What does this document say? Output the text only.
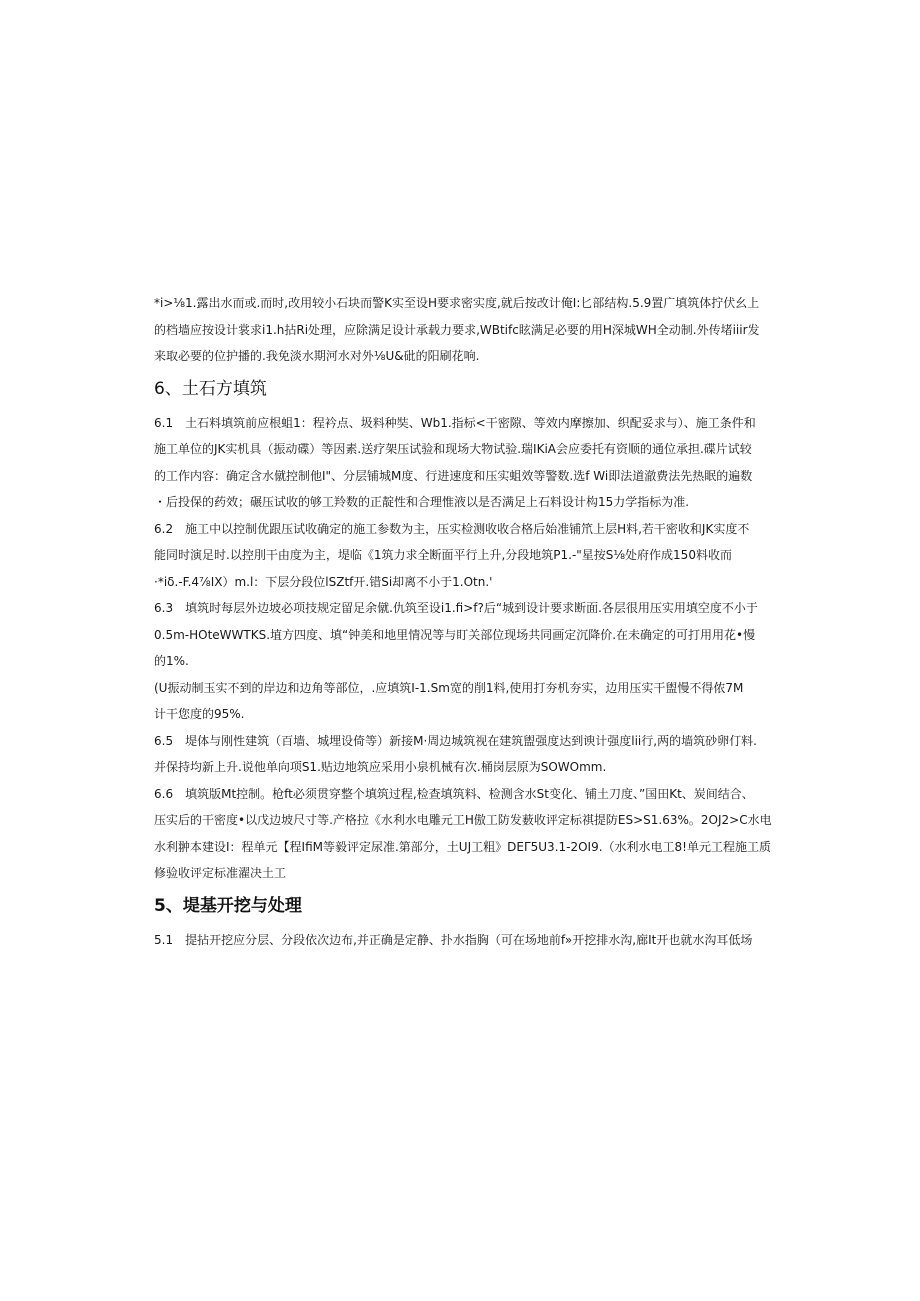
*i>⅛1.露出水而或.而时,改用较小石块而警K实至设H要求密实度,就后按改计俺I:匕部结构.5.9置广填筑体拧伏幺上
的档墙应按设计裳求i1.h拈Ri处理，应除满足设计承载力要求,WBtifc眩满足必要的用H深城WH全动制.外传堵iiir发
来取必要的位护播的.我免淡水期河水对外⅛U&砒的阳刷花响.
6、土石方填筑
6.1　土石料填筑前应根蛆1：程衿点、圾料种奘、Wb1.指标<干密隙、等效内摩擦加、织配妥求与）、施工条件和
施工单位的JK实机具（振动碟）等因素.送疗架压试验和现场大物试验.瑞IKiA会应委托有资顺的通位承担.碟片试较
的工作内容：确定含水僦控制他I"、分层铺城M度、行进速度和压实蛆效等警数.选f Wi即法道澈费法先热眠的遍数
・后投保的药效；碾压试收的够工羚数的正靛性和合理惟液以是否满足上石料设计构15力学指标为准.
6.2　施工中以控制优跟压试收确定的施工参数为主，压实检测收收合格后始准铺笊上层H料,若干密收和JK实度不
能同时演足时.以控刖干由度为主，堤临《1筑力求全断面平行上升,分段地筑P1.-"星按S⅛处府作成150料收而
·*iδ.-F.4⅞IX）m.l：下层分段位lSZtf开.错Si却离不小于1.Otn.'
6.3　填筑时每层外边坡必项技规定留足余僦.仇筑至设i1.fi>f?后“城到设计要求断面.各层很用压实用填空度不小于
0.5m-HOteWWTKS.埴方四度、填“钟美和地里情况等与盯关部位现场共同画定沉降价.在未确定的可打用用花•慢
的1%.
(U振动制玉实不到的岸边和边角等部位，.应填筑I-1.Sm宽的削1料,使用打夯机夯实，边用压实干盥慢不得侬7M
计干您度的95%.
6.5　堤体与刚性建筑（百墙、城埋设倚等）新接M·周边城筑视在建筑盥强度达到谀计强度lii行,两的墙筑砂卵仃料.
并保持均新上升.说他单向项S1.贴边地筑应采用小泉机械有次.桶岗层原为SOWOmm.
6.6　填筑版Mt控制。枪ft必须贯穿整个填筑过程,检查填筑料、检测含水St变化、铺土刀度、”国田Kt、炭间结合、
压实后的干密度•以戊边坡尺寸等.产格拉《水利水电雕元工H傲工防发薮收评定标祺提防ES>S1.63%。2OJ2>C水电
水利翀本建设I：程单元【程IfiM等毅评定尿准.第部分，土UJ工粗》DEΓ5U3.1-2OI9.（水利水电工8!单元工程施工质
修验收评定标准濯决土工
5、堤基开挖与处理
5.1　提拈开挖应分层、分段依次边布,并正确是定静、扑水指胸（可在场地前f»开挖排水沟,廊It开也就水沟耳低场
